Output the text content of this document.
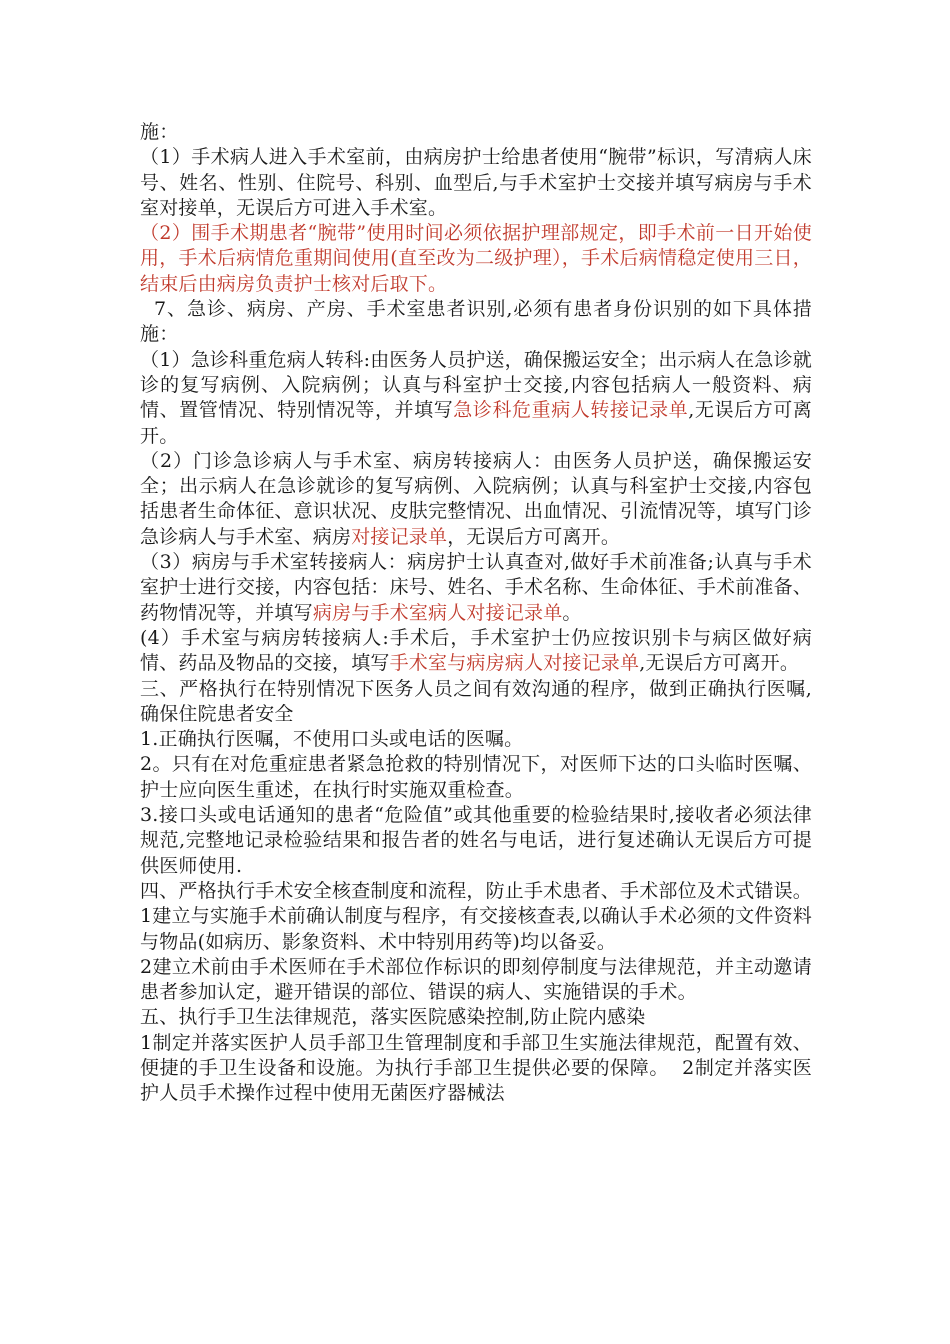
施：

（1）手术病人进入手术室前，由病房护士给患者使用“腕带”标识，写清病人床号、姓名、性别、住院号、科别、血型后,与手术室护士交接并填写病房与手术室对接单，无误后方可进入手术室。

（2）围手术期患者“腕带”使用时间必须依据护理部规定，即手术前一日开始使用，手术后病情危重期间使用(直至改为二级护理），手术后病情稳定使用三日，结束后由病房负责护士核对后取下。

7、急诊、病房、产房、手术室患者识别,必须有患者身份识别的如下具体措施：

（1）急诊科重危病人转科:由医务人员护送，确保搬运安全；出示病人在急诊就诊的复写病例、入院病例；认真与科室护士交接,内容包括病人一般资料、病情、置管情况、特别情况等，并填写急诊科危重病人转接记录单,无误后方可离开。

（2）门诊急诊病人与手术室、病房转接病人：由医务人员护送，确保搬运安全；出示病人在急诊就诊的复写病例、入院病例；认真与科室护士交接,内容包括患者生命体征、意识状况、皮肤完整情况、出血情况、引流情况等，填写门诊急诊病人与手术室、病房对接记录单，无误后方可离开。

（3）病房与手术室转接病人：病房护士认真查对,做好手术前准备;认真与手术室护士进行交接，内容包括：床号、姓名、手术名称、生命体征、手术前准备、药物情况等，并填写病房与手术室病人对接记录单。

(4）手术室与病房转接病人:手术后，手术室护士仍应按识别卡与病区做好病情、药品及物品的交接，填写手术室与病房病人对接记录单,无误后方可离开。

三、严格执行在特别情况下医务人员之间有效沟通的程序，做到正确执行医嘱,确保住院患者安全

1.正确执行医嘱，不使用口头或电话的医嘱。

2。只有在对危重症患者紧急抢救的特别情况下，对医师下达的口头临时医嘱、护士应向医生重述，在执行时实施双重检查。

3.接口头或电话通知的患者“危险值”或其他重要的检验结果时,接收者必须法律规范,完整地记录检验结果和报告者的姓名与电话，进行复述确认无误后方可提供医师使用.

四、严格执行手术安全核查制度和流程，防止手术患者、手术部位及术式错误。

1建立与实施手术前确认制度与程序，有交接核查表,以确认手术必须的文件资料与物品(如病历、影象资料、术中特别用药等)均以备妥。

2建立术前由手术医师在手术部位作标识的即刻停制度与法律规范，并主动邀请患者参加认定，避开错误的部位、错误的病人、实施错误的手术。

五、执行手卫生法律规范，落实医院感染控制,防止院内感染

1制定并落实医护人员手部卫生管理制度和手部卫生实施法律规范，配置有效、便捷的手卫生设备和设施。为执行手部卫生提供必要的保障。  2制定并落实医护人员手术操作过程中使用无菌医疗器械法
